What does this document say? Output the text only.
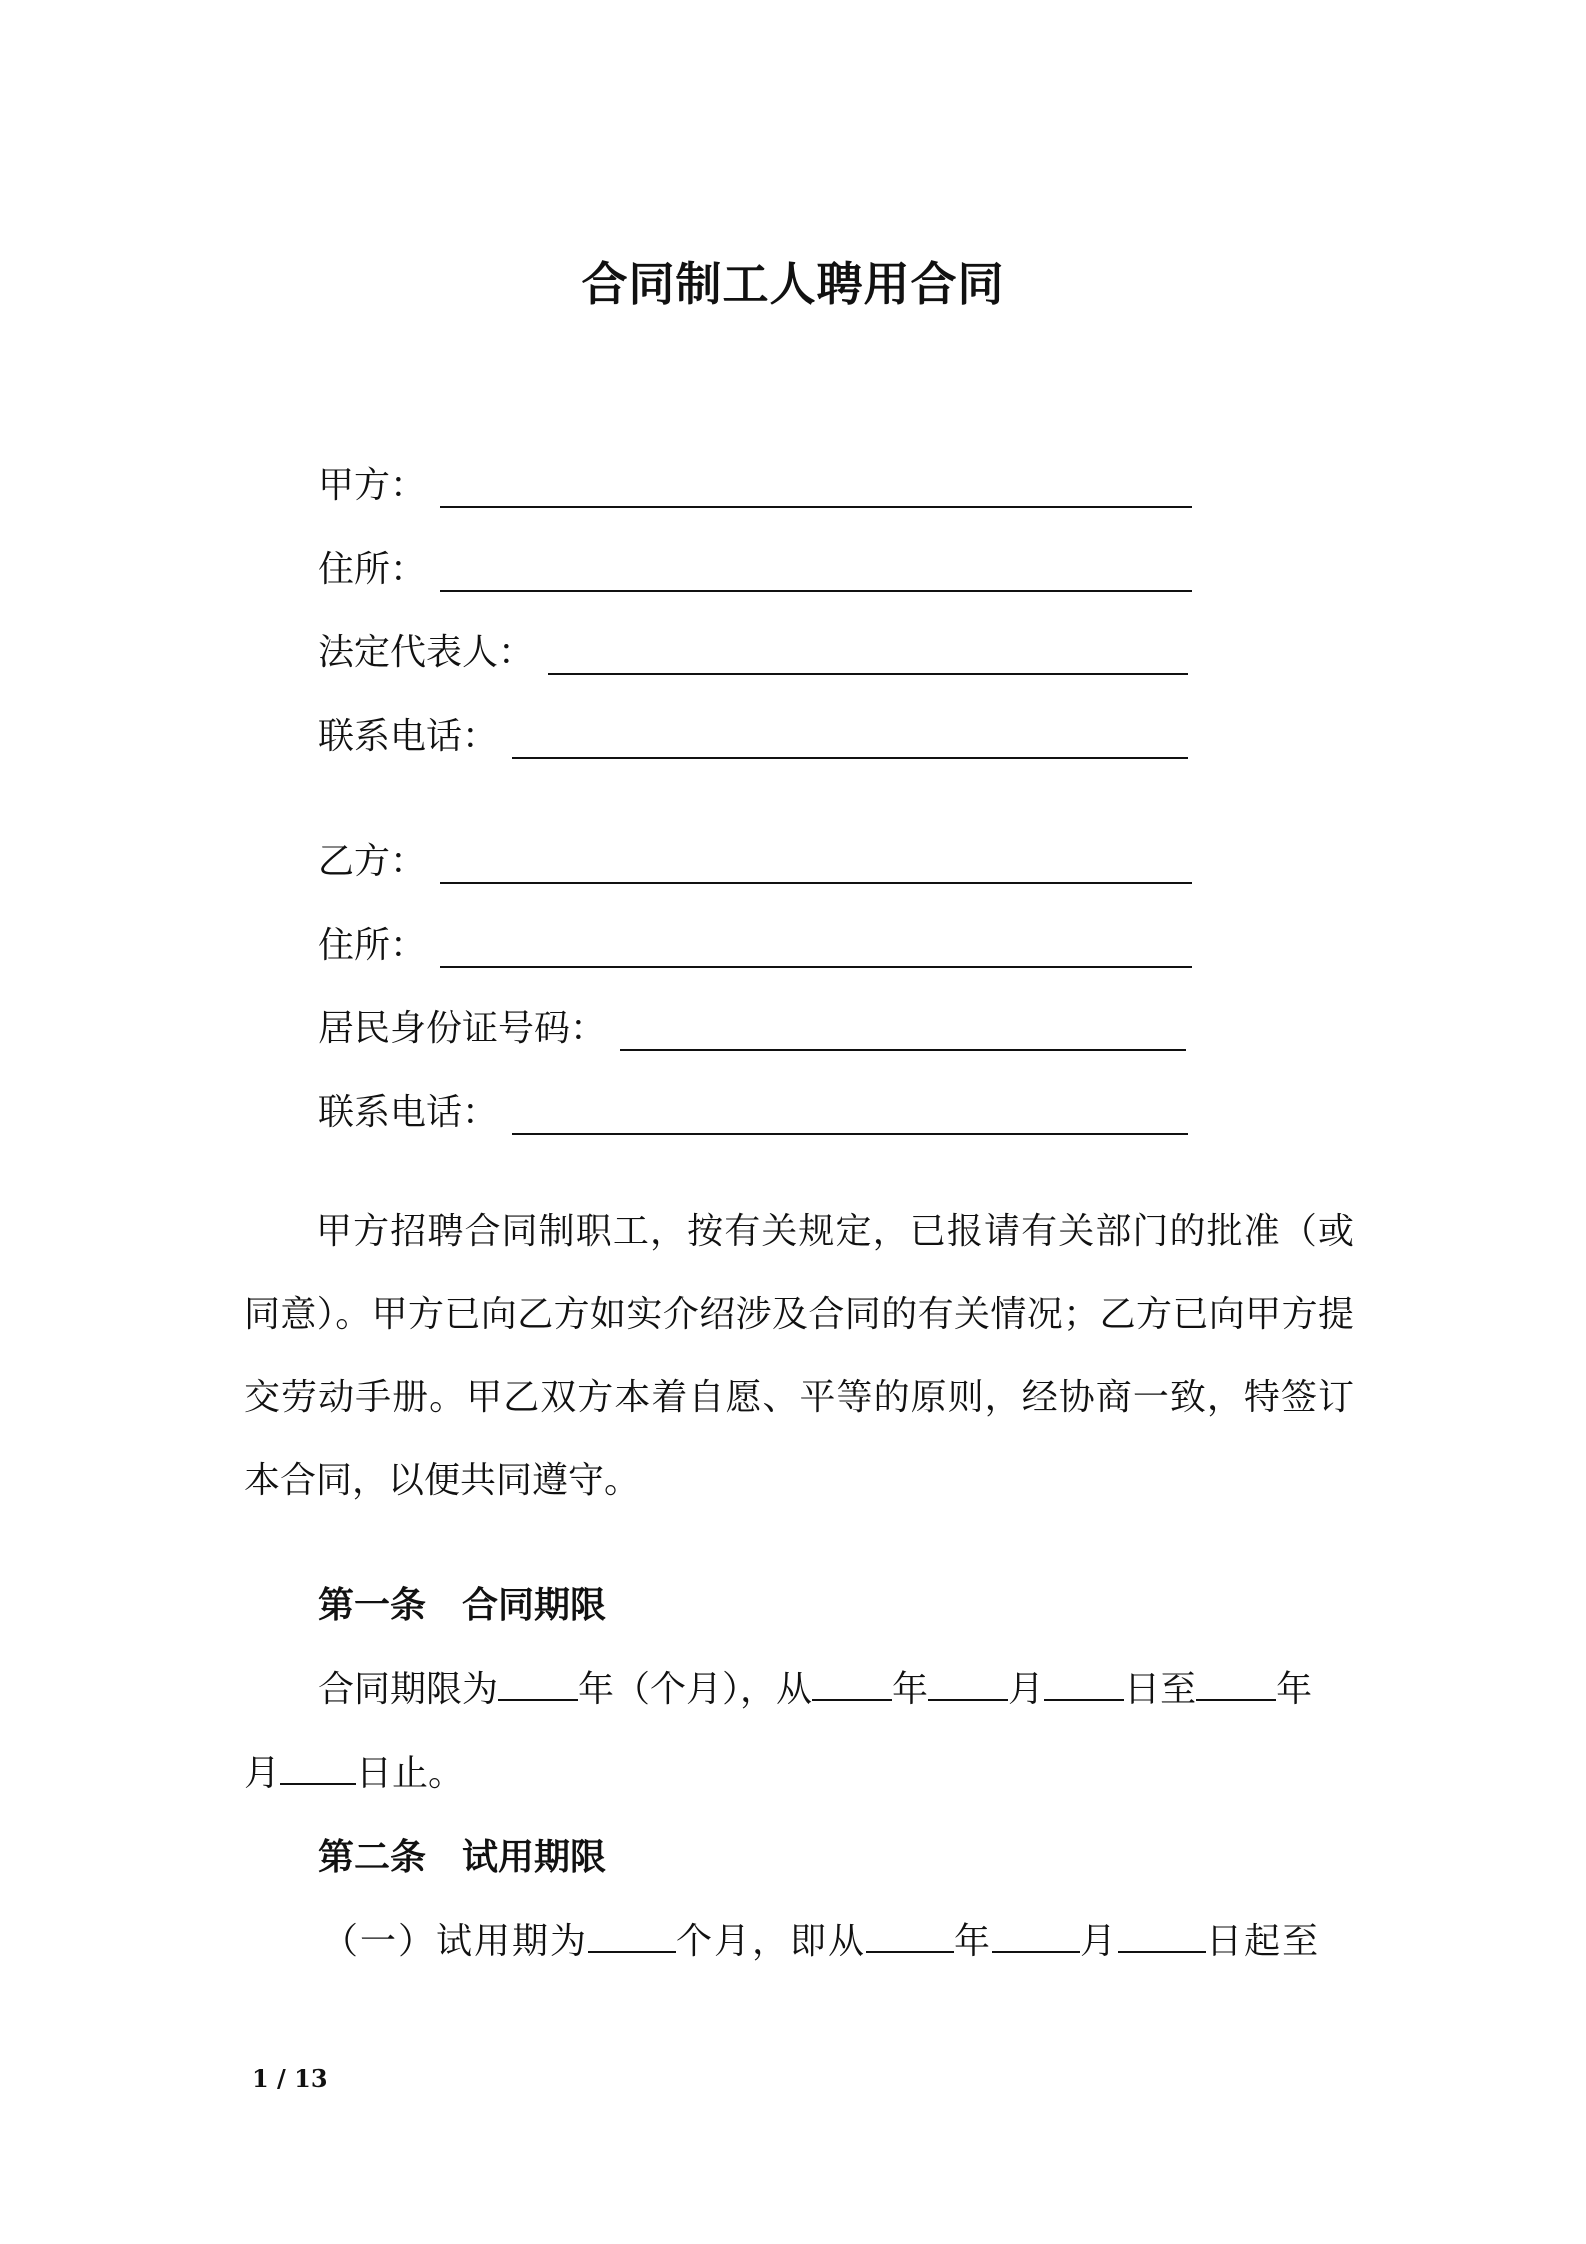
合同制工人聘用合同
甲方：
住所：
法定代表人：
联系电话：
乙方：
住所：
居民身份证号码：
联系电话：

甲方招聘合同制职工，按有关规定，已报请有关部门的批准（或同意）。甲方已向乙方如实介绍涉及合同的有关情况；乙方已向甲方提交劳动手册。甲乙双方本着自愿、平等的原则，经协商一致，特签订本合同，以便共同遵守。

第一条　合同期限
合同期限为 年（个月），从 年 月 日至 年
月 日止。
第二条　试用期限
（一）试用期为 个月，即从 年 月 日起至
1 / 13
